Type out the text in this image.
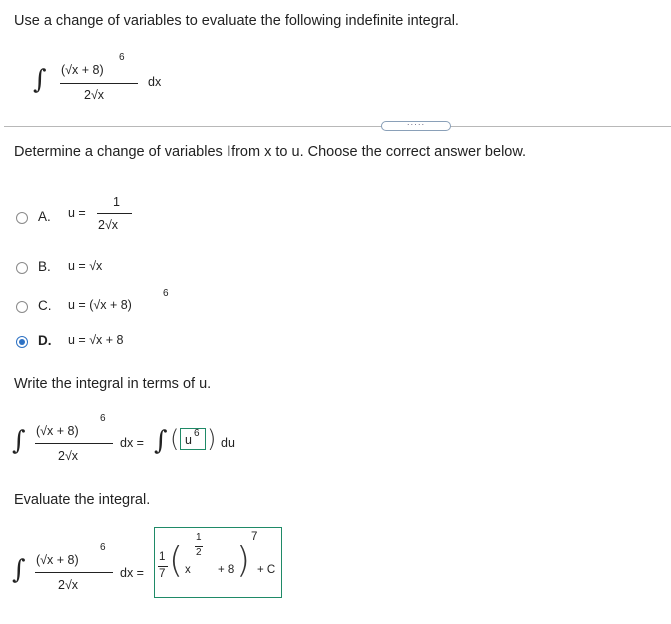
Use a change of variables to evaluate the following indefinite integral.
∫ (√x + 8)
6
2√x
dx
·····
Determine a change of variables Ifrom x to u. Choose the correct answer below.
A. u =
1
2√x
B. u = √x
C. u = (√x + 8)
6
D. u = √x + 8
Write the integral in terms of u.
∫ (√x + 8)
6
2√x
dx = ∫ ( u 6 ) du
Evaluate the integral.
∫ (√x + 8)
6
2√x
dx =
1
7 ( x
1
2
+ 8 )
7
+ C
